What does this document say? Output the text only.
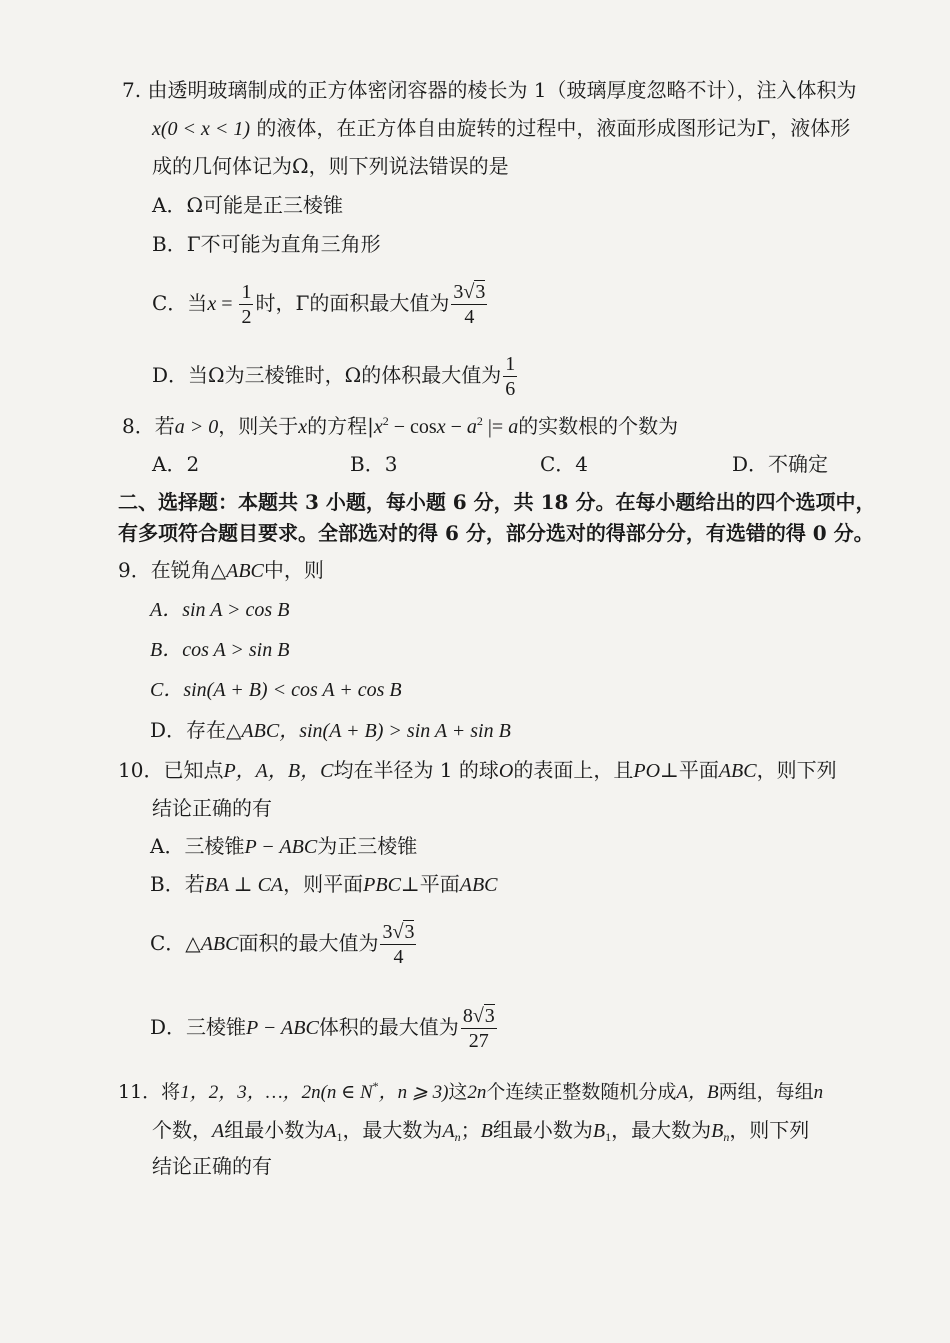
7. 由透明玻璃制成的正方体密闭容器的棱长为 1（玻璃厚度忽略不计），注入体积为
x(0 < x < 1) 的液体，在正方体自由旋转的过程中，液面形成图形记为Γ，液体形
成的几何体记为Ω，则下列说法错误的是
A．Ω可能是正三棱锥
B．Γ不可能为直角三角形
C．当$x = \frac{1}{2}$ 时，Γ的面积最大值为 $\frac{3√3}{4}$
D．当Ω为三棱锥时，Ω的体积最大值为 $\frac{1}{6}$
8．若a > 0，则关于x的方程$|x^2 - \cos x - a^2$ |= a的实数根的个数为
A．2	B．3	C．4	D．不确定
二、选择题：本题共 3 小题，每小题 6 分，共 18 分。在每小题给出的四个选项中，
有多项符合题目要求。全部选对的得 6 分，部分选对的得部分分，有选错的得 0 分。
9．在锐角△ABC中，则
A．sin A > cos B
B．cos A > sin B
C．sin(A + B) < cos A + cos B
D．存在△ABC，sin(A + B) > sin A + sin B
10．已知点P，A，B，C均在半径为 1 的球O的表面上，且PO⊥平面ABC，则下列
结论正确的有
A．三棱锥P − ABC为正三棱锥
B．若BA ⊥ CA，则平面PBC⊥平面ABC
C．△ABC面积的最大值为 $\frac{3√3}{4}$
D．三棱锥P − ABC体积的最大值为 $\frac{8√3}{27}$
11．将1，2，3，…，2n(n ∈ N*，n ⩾ 3)这2n个连续正整数随机分成A，B两组，每组n
个数，A组最小数为$A_1$，最大数为$A_n$；B组最小数为$B_1$，最大数为$B_n$，则下列
结论正确的有
